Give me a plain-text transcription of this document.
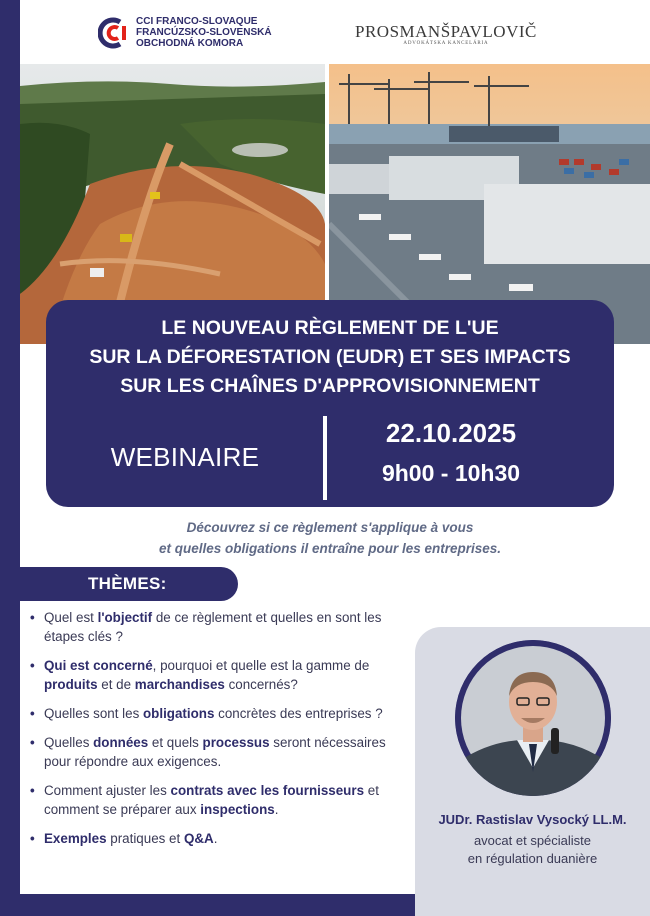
CCI FRANCO-SLOVAQUE
FRANCÚZSKO-SLOVENSKÁ
OBCHODNÁ KOMORA
PROSMANŠPAVLOVIČ
ADVOKÁTSKA KANCELÁRIA
LE NOUVEAU RÈGLEMENT DE L'UE
SUR LA DÉFORESTATION (EUDR) ET SES IMPACTS
SUR LES CHAÎNES D'APPROVISIONNEMENT
WEBINAIRE
22.10.2025
9h00 - 10h30
Découvrez si ce règlement s'applique à vous
et quelles obligations il entraîne pour les entreprises.
THÈMES:
• Quel est l'objectif de ce règlement et quelles en sont les étapes clés ?
• Qui est concerné, pourquoi et quelle est la gamme de produits et de marchandises concernés?
• Quelles sont les obligations concrètes des entreprises ?
• Quelles données et quels processus seront nécessaires pour répondre aux exigences.
• Comment ajuster les contrats avec les fournisseurs et comment se préparer aux inspections.
• Exemples pratiques et Q&A.
JUDr. Rastislav Vysocký LL.M.
avocat et spécialiste
en régulation duanière
